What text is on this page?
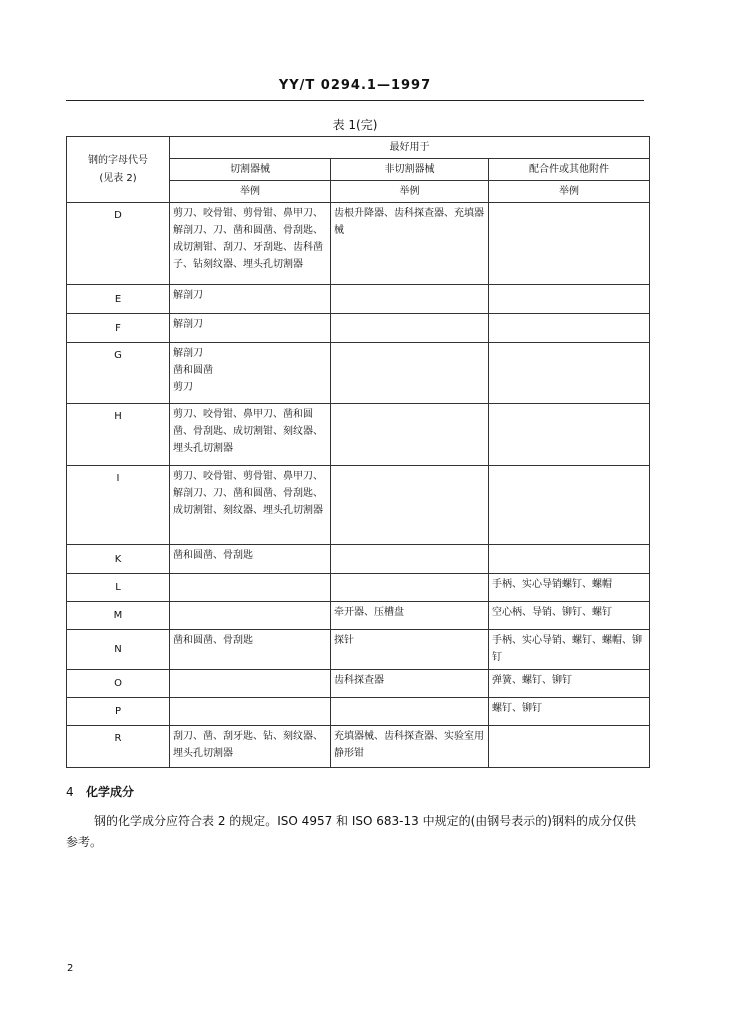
YY/T 0294.1—1997
表 1(完)
钢的字母代号
(见表 2)	最好用于		
	切割器械	非切割器械	配合件或其他附件
	举例	举例	举例
D	剪刀、咬骨钳、剪骨钳、鼻甲刀、解剖刀、刀、凿和圆凿、骨刮匙、成切割钳、刮刀、牙刮匙、齿科凿子、钻刻纹器、埋头孔切割器	齿根升降器、齿科探查器、充填器械	
E	解剖刀		
F	解剖刀		
G	解剖刀
凿和圆凿
剪刀		
H	剪刀、咬骨钳、鼻甲刀、凿和圆凿、骨刮匙、成切割钳、刻纹器、埋头孔切割器		
I	剪刀、咬骨钳、剪骨钳、鼻甲刀、解剖刀、刀、凿和圆凿、骨刮匙、成切割钳、刻纹器、埋头孔切割器		
K	凿和圆凿、骨刮匙		
L			手柄、实心导销螺钉、螺帽
M		牵开器、压槽盘	空心柄、导销、铆钉、螺钉
N	凿和圆凿、骨刮匙	探针	手柄、实心导销、螺钉、螺帽、铆钉
O		齿科探查器	弹簧、螺钉、铆钉
P			螺钉、铆钉
R	刮刀、凿、刮牙匙、钻、刻纹器、埋头孔切割器	充填器械、齿科探查器、实验室用静形钳	
4 化学成分
钢的化学成分应符合表 2 的规定。ISO 4957 和 ISO 683-13 中规定的(由钢号表示的)钢料的成分仅供参考。
2
